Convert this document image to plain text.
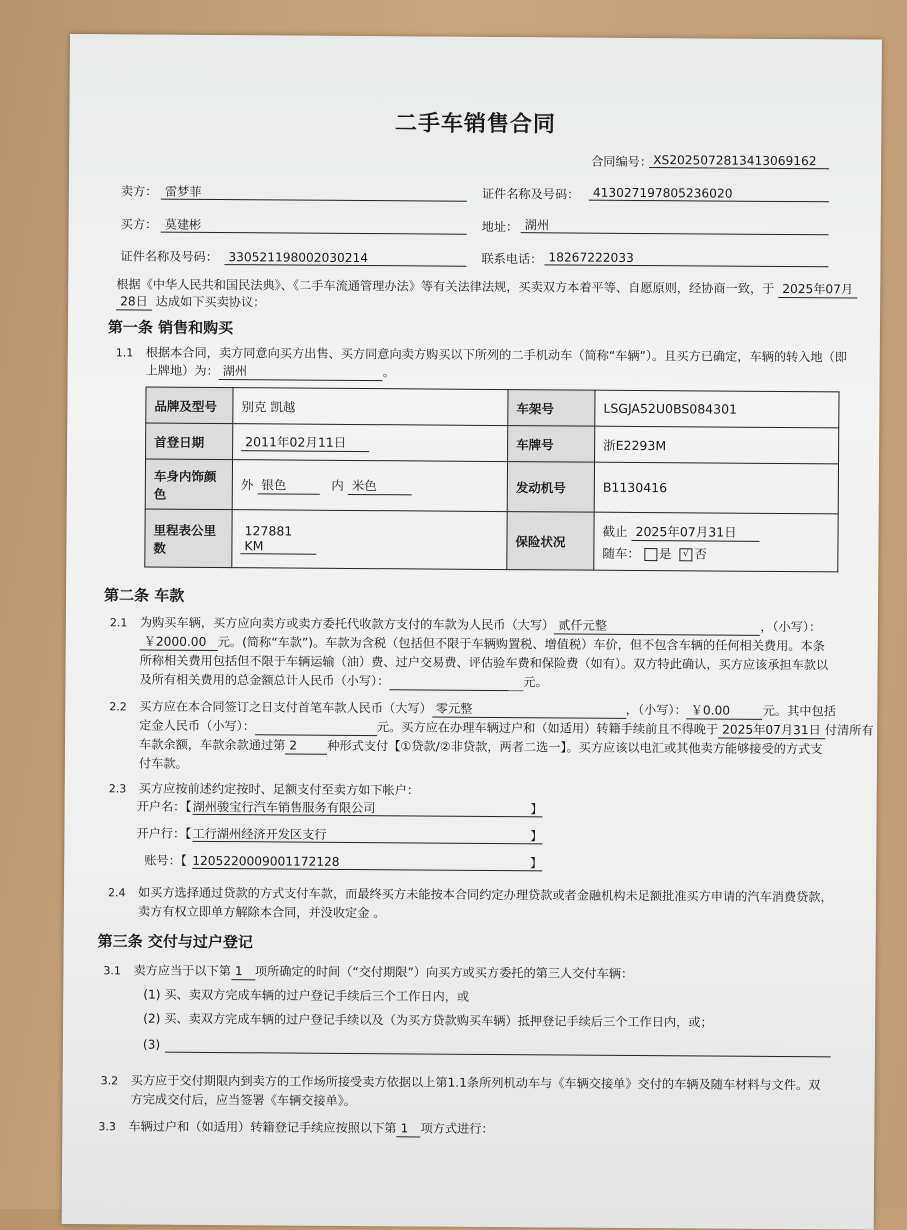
二手车销售合同
合同编号： XS2025072813413069162
卖方： 雷梦菲	证件名称及号码：	413027197805236020
买方： 莫建彬	地址： 湖州
证件名称及号码： 330521198002030214	联系电话： 18267222033
根据《中华人民共和国民法典》、《二手车流通管理办法》等有关法律法规，买卖双方本着平等、自愿原则，经协商一致，于 2025年07月
28日 达成如下买卖协议：
第一条 销售和购买
1.1 根据本合同，卖方同意向买方出售、买方同意向卖方购买以下所列的二手机动车（简称“车辆”）。且买方已确定，车辆的转入地（即
上牌地）为： 湖州	。
品牌及型号	别克 凯越	车架号	LSGJA52U0BS084301
首登日期	2011年02月11日	车牌号	浙E2293M
车身内饰颜色	外 银色 内 米色	发动机号	B1130416
里程表公里数	127881 KM	保险状况	截止 2025年07月31日
随车： 是 √ 否
第二条 车款
2.1 为购买车辆，买方应向卖方或卖方委托代收款方支付的车款为人民币（大写） 贰仟元整	，（小写）：
￥2000.00 元。(简称“车款”)。车款为含税（包括但不限于车辆购置税、增值税）车价，但不包含车辆的任何相关费用。本条
所称相关费用包括但不限于车辆运输（油）费、过户交易费、评估验车费和保险费（如有）。双方特此确认，买方应该承担车款以
及所有相关费用的总金额总计人民币（小写）：	元。
2.2 买方应在本合同签订之日支付首笔车款人民币（大写） 零元整	，（小写）： ￥0.00	元。其中包括
定金人民币（小写）：	元。买方应在办理车辆过户和（如适用）转籍手续前且不得晚于 2025年07月31日 付清所有
车款余额，车款余款通过第 2 种形式支付【①贷款/②非贷款，两者二选一】。买方应该以电汇或其他卖方能够接受的方式支
付车款。
2.3 买方应按前述约定按时、足额支付至卖方如下帐户：
开户名：【 湖州骏宝行汽车销售服务有限公司	】
开户行：【 工行湖州经济开发区支行	】
账号：【 1205220009001172128	】
2.4 如买方选择通过贷款的方式支付车款，而最终买方未能按本合同约定办理贷款或者金融机构未足额批准买方申请的汽车消费贷款，
卖方有权立即单方解除本合同，并没收定金 。
第三条 交付与过户登记
3.1 卖方应当于以下第 1 项所确定的时间（“交付期限”）向买方或买方委托的第三人交付车辆：
(1) 买、卖双方完成车辆的过户登记手续后三个工作日内，或
(2) 买、卖双方完成车辆的过户登记手续以及（为买方贷款购买车辆）抵押登记手续后三个工作日内，或；
(3)
3.2 买方应于交付期限内到卖方的工作场所接受卖方依据以上第1.1条所列机动车与《车辆交接单》交付的车辆及随车材料与文件。双
方完成交付后，应当签署《车辆交接单》。
3.3 车辆过户和（如适用）转籍登记手续应按照以下第 1 项方式进行：
